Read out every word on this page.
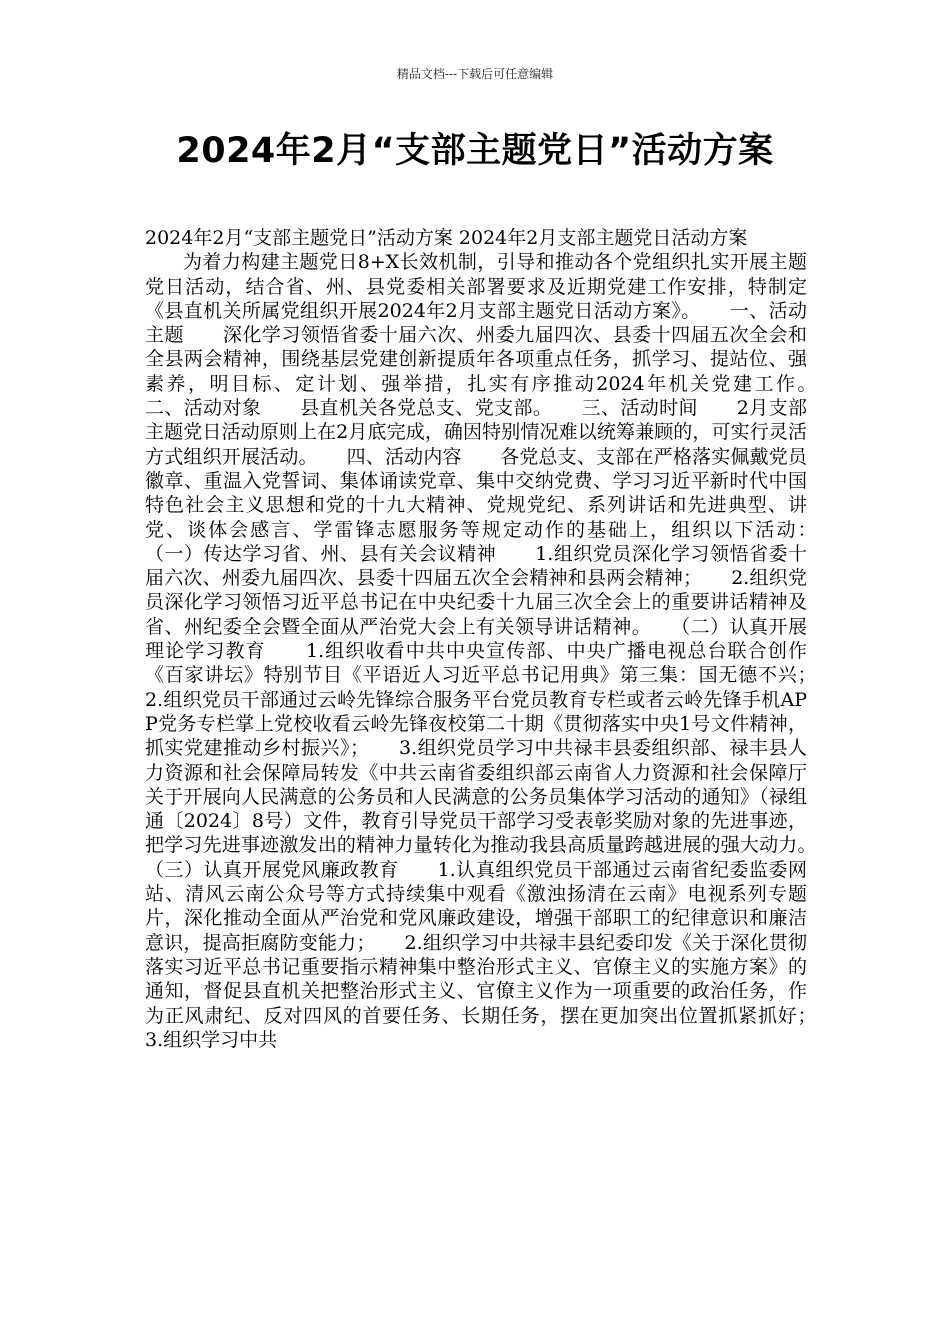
精品文档---下载后可任意编辑
2024年2月“支部主题党日”活动方案

2024年2月“支部主题党日”活动方案 2024年2月支部主题党日活动方案

为着力构建主题党日8+X长效机制，引导和推动各个党组织扎实开展主题党日活动，结合省、州、县党委相关部署要求及近期党建工作安排，特制定《县直机关所属党组织开展2024年2月支部主题党日活动方案》。　　一、活动主题　　深化学习领悟省委十届六次、州委九届四次、县委十四届五次全会和全县两会精神，围绕基层党建创新提质年各项重点任务，抓学习、提站位、强素养，明目标、定计划、强举措，扎实有序推动2024年机关党建工作。　　二、活动对象　　县直机关各党总支、党支部。　　三、活动时间　　2月支部主题党日活动原则上在2月底完成，确因特别情况难以统筹兼顾的，可实行灵活方式组织开展活动。　　四、活动内容　　各党总支、支部在严格落实佩戴党员徽章、重温入党誓词、集体诵读党章、集中交纳党费、学习习近平新时代中国特色社会主义思想和党的十九大精神、党规党纪、系列讲话和先进典型、讲党、谈体会感言、学雷锋志愿服务等规定动作的基础上，组织以下活动：　　（一）传达学习省、州、县有关会议精神　　1.组织党员深化学习领悟省委十届六次、州委九届四次、县委十四届五次全会精神和县两会精神；　　2.组织党员深化学习领悟习近平总书记在中央纪委十九届三次全会上的重要讲话精神及省、州纪委全会暨全面从严治党大会上有关领导讲话精神。　　（二）认真开展理论学习教育　　1.组织收看中共中央宣传部、中央广播电视总台联合创作《百家讲坛》特别节目《平语近人习近平总书记用典》第三集：国无德不兴；　　2.组织党员干部通过云岭先锋综合服务平台党员教育专栏或者云岭先锋手机APP党务专栏掌上党校收看云岭先锋夜校第二十期《贯彻落实中央1号文件精神，抓实党建推动乡村振兴》；　　3.组织党员学习中共禄丰县委组织部、禄丰县人力资源和社会保障局转发《中共云南省委组织部云南省人力资源和社会保障厅关于开展向人民满意的公务员和人民满意的公务员集体学习活动的通知》（禄组通〔2024〕8号）文件，教育引导党员干部学习受表彰奖励对象的先进事迹，把学习先进事迹激发出的精神力量转化为推动我县高质量跨越进展的强大动力。　　（三）认真开展党风廉政教育　　1.认真组织党员干部通过云南省纪委监委网站、清风云南公众号等方式持续集中观看《激浊扬清在云南》电视系列专题片，深化推动全面从严治党和党风廉政建设，增强干部职工的纪律意识和廉洁意识，提高拒腐防变能力；　　2.组织学习中共禄丰县纪委印发《关于深化贯彻落实习近平总书记重要指示精神集中整治形式主义、官僚主义的实施方案》的通知，督促县直机关把整治形式主义、官僚主义作为一项重要的政治任务，作为正风肃纪、反对四风的首要任务、长期任务，摆在更加突出位置抓紧抓好；　　3.组织学习中共
